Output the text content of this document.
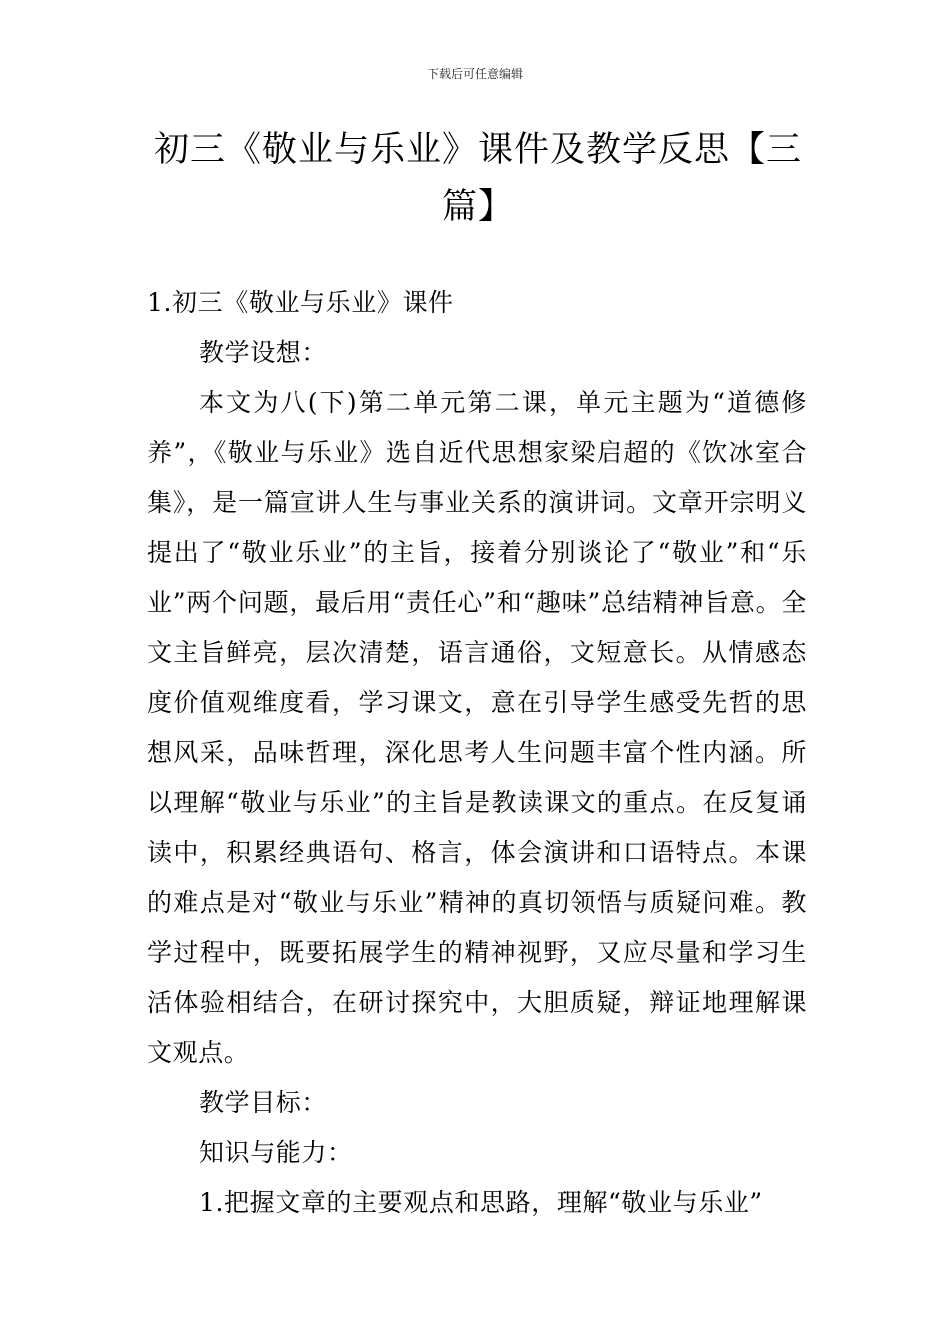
下载后可任意编辑
初三《敬业与乐业》课件及教学反思【三篇】

1.初三《敬业与乐业》课件

教学设想：

本文为八(下)第二单元第二课，单元主题为“道德修养”，《敬业与乐业》选自近代思想家梁启超的《饮冰室合集》，是一篇宣讲人生与事业关系的演讲词。文章开宗明义提出了“敬业乐业”的主旨，接着分别谈论了“敬业”和“乐业”两个问题，最后用“责任心”和“趣味”总结精神旨意。全文主旨鲜亮，层次清楚，语言通俗，文短意长。从情感态度价值观维度看，学习课文，意在引导学生感受先哲的思想风采，品味哲理，深化思考人生问题丰富个性内涵。所以理解“敬业与乐业”的主旨是教读课文的重点。在反复诵读中，积累经典语句、格言，体会演讲和口语特点。本课的难点是对“敬业与乐业”精神的真切领悟与质疑问难。教学过程中，既要拓展学生的精神视野，又应尽量和学习生活体验相结合，在研讨探究中，大胆质疑，辩证地理解课文观点。

教学目标：

知识与能力：

1.把握文章的主要观点和思路，理解“敬业与乐业”
